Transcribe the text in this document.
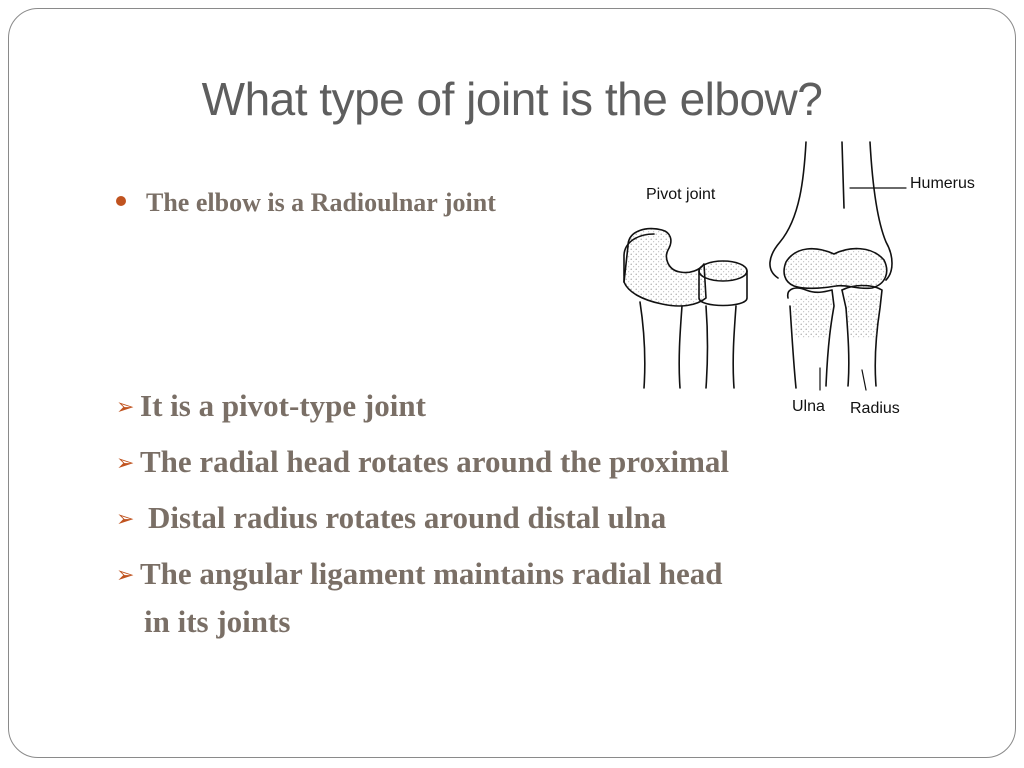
What type of joint is the elbow?
The elbow is a Radioulnar joint
➢ It is a pivot-type joint
➢ The radial head rotates around the proximal
➢ Distal radius rotates around distal ulna
➢ The angular ligament maintains radial head
in its joints
Pivot joint
Humerus
Ulna Radius
